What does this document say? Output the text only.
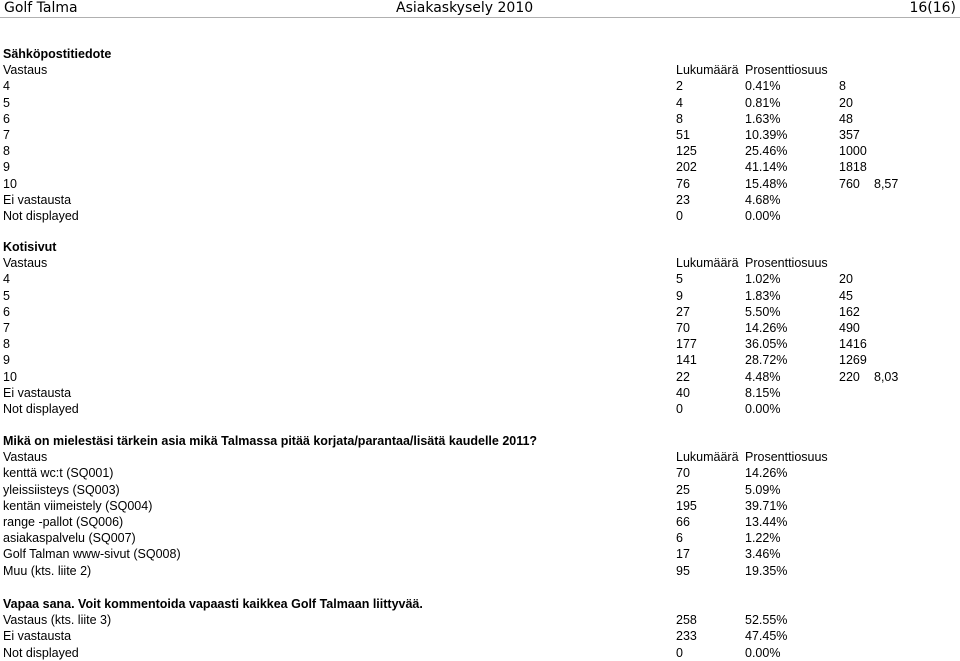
Golf Talma	Asiakaskysely 2010	16(16)
Sähköpostitiedote
Vastaus	Lukumäärä Prosenttiosuus
4	2	0.41%	8
5	4	0.81%	20
6	8	1.63%	48
7	51	10.39%	357
8	125	25.46%	1000
9	202	41.14%	1818
10	76	15.48%	760 8,57
Ei vastausta	23	4.68%
Not displayed	0	0.00%
Kotisivut
Vastaus	Lukumäärä Prosenttiosuus
4	5	1.02%	20
5	9	1.83%	45
6	27	5.50%	162
7	70	14.26%	490
8	177	36.05%	1416
9	141	28.72%	1269
10	22	4.48%	220 8,03
Ei vastausta	40	8.15%
Not displayed	0	0.00%
Mikä on mielestäsi tärkein asia mikä Talmassa pitää korjata/parantaa/lisätä kaudelle 2011?
Vastaus	Lukumäärä Prosenttiosuus
kenttä wc:t (SQ001)	70	14.26%
yleissiisteys (SQ003)	25	5.09%
kentän viimeistely (SQ004)	195	39.71%
range -pallot (SQ006)	66	13.44%
asiakaspalvelu (SQ007)	6	1.22%
Golf Talman www-sivut (SQ008)	17	3.46%
Muu (kts. liite 2)	95	19.35%
Vapaa sana. Voit kommentoida vapaasti kaikkea Golf Talmaan liittyvää.
Vastaus (kts. liite 3)	258	52.55%
Ei vastausta	233	47.45%
Not displayed	0	0.00%
